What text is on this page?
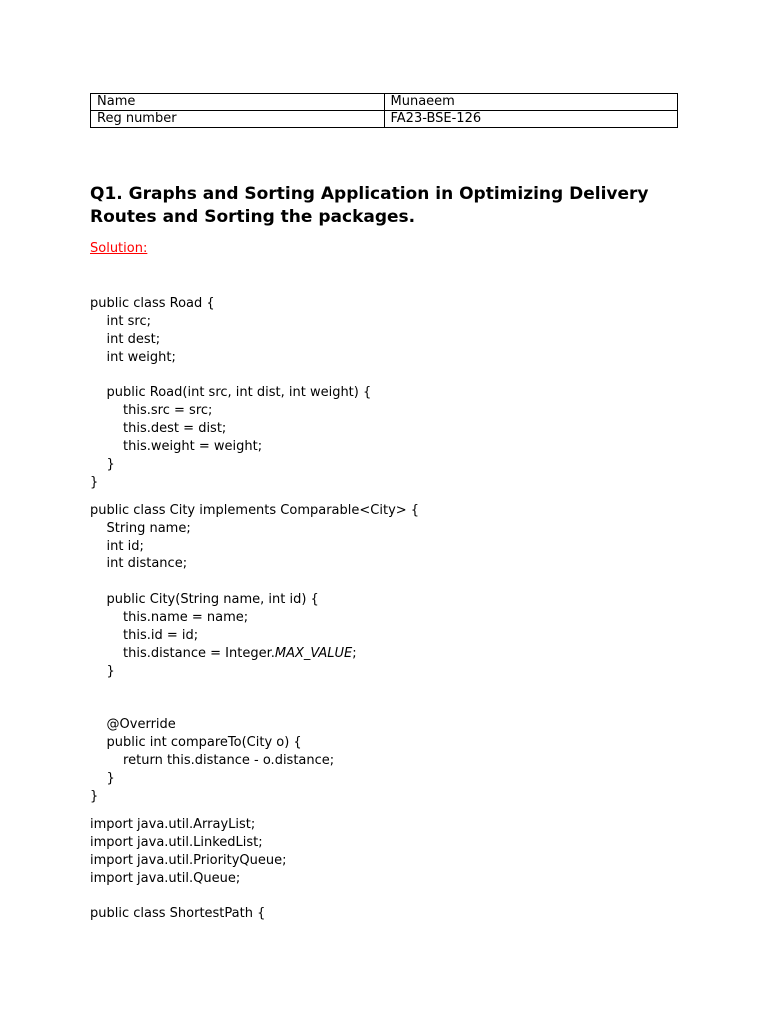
Name	Munaeem
Reg number	FA23-BSE-126
Q1. Graphs and Sorting Application in Optimizing Delivery Routes and Sorting the packages.

Solution:

public class Road {
int src;
int dest;
int weight;
public Road(int src, int dist, int weight) {
this.src = src;
this.dest = dist;
this.weight = weight;
}
}
public class City implements Comparable<City> {
String name;
int id;
int distance;
public City(String name, int id) {
this.name = name;
this.id = id;
this.distance = Integer.MAX_VALUE;
}
@Override
public int compareTo(City o) {
return this.distance - o.distance;
}
}
import java.util.ArrayList;
import java.util.LinkedList;
import java.util.PriorityQueue;
import java.util.Queue;
public class ShortestPath {
